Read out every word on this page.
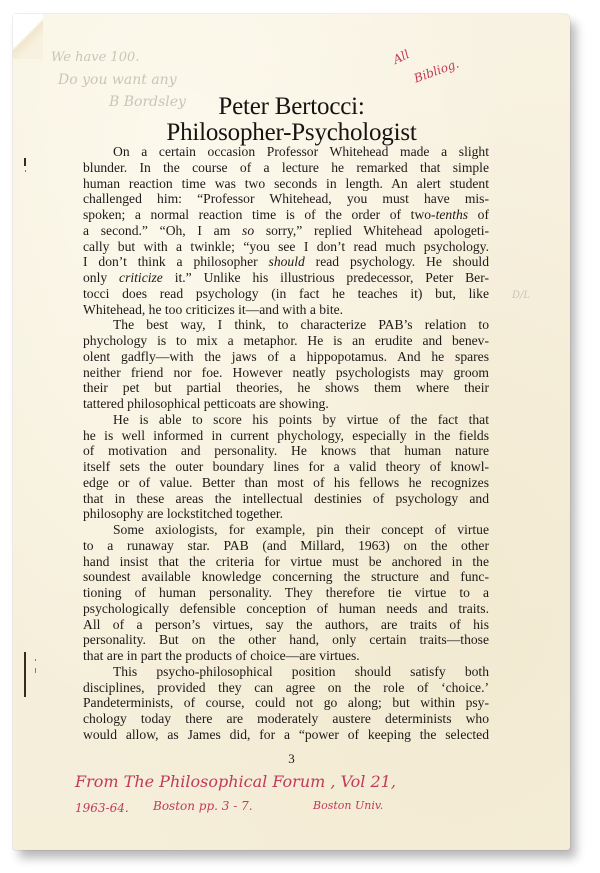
We have 100.
Do you want any
B Bordsley
D/L
All Bibliog.
Peter Bertocci:
Philosopher-Psychologist
On a certain occasion Professor Whitehead made a slight
blunder. In the course of a lecture he remarked that simple
human reaction time was two seconds in length. An alert student
challenged him: “Professor Whitehead, you must have mis-
spoken; a normal reaction time is of the order of two-tenths of
a second.” “Oh, I am so sorry,” replied Whitehead apologeti-
cally but with a twinkle; “you see I don’t read much psychology.
I don’t think a philosopher should read psychology. He should
only criticize it.” Unlike his illustrious predecessor, Peter Ber-
tocci does read psychology (in fact he teaches it) but, like
Whitehead, he too criticizes it—and with a bite.
The best way, I think, to characterize PAB’s relation to
phychology is to mix a metaphor. He is an erudite and benev-
olent gadfly—with the jaws of a hippopotamus. And he spares
neither friend nor foe. However neatly psychologists may groom
their pet but partial theories, he shows them where their
tattered philosophical petticoats are showing.
He is able to score his points by virtue of the fact that
he is well informed in current phychology, especially in the fields
of motivation and personality. He knows that human nature
itself sets the outer boundary lines for a valid theory of knowl-
edge or of value. Better than most of his fellows he recognizes
that in these areas the intellectual destinies of psychology and
philosophy are lockstitched together.
Some axiologists, for example, pin their concept of virtue
to a runaway star. PAB (and Millard, 1963) on the other
hand insist that the criteria for virtue must be anchored in the
soundest available knowledge concerning the structure and func-
tioning of human personality. They therefore tie virtue to a
psychologically defensible conception of human needs and traits.
All of a person’s virtues, say the authors, are traits of his
personality. But on the other hand, only certain traits—those
that are in part the products of choice—are virtues.
This psycho-philosophical position should satisfy both
disciplines, provided they can agree on the role of ‘choice.’
Pandeterminists, of course, could not go along; but within psy-
chology today there are moderately austere determinists who
would allow, as James did, for a “power of keeping the selected
3
From The Philosophical Forum , Vol 21,
1963-64. Boston pp. 3 - 7.	Boston Univ.
